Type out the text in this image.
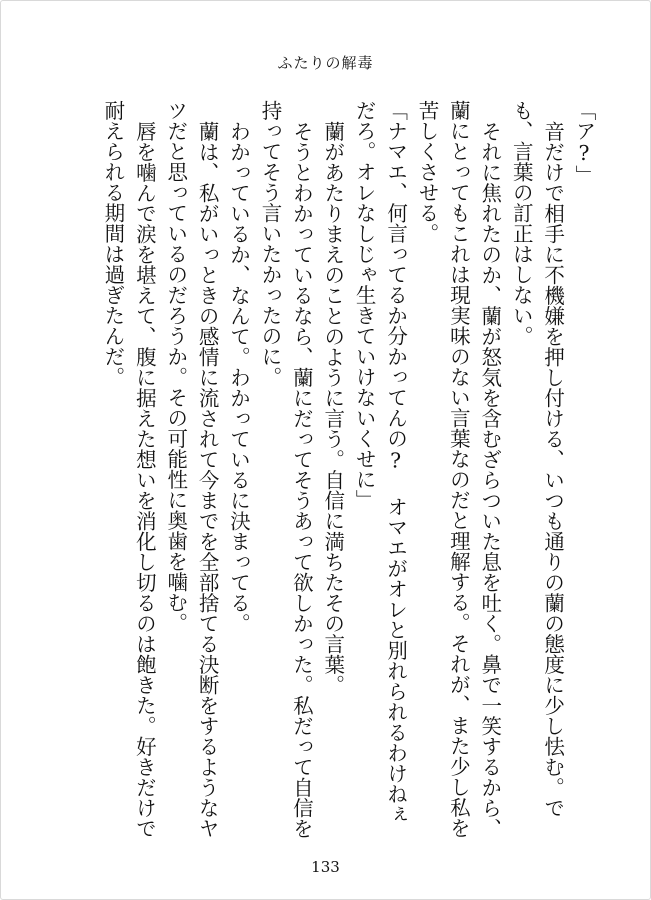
ふたりの解毒

「ア?」

音だけで相手に不機嫌を押し付ける、いつも通りの蘭の態度に少し怯む。でも、言葉の訂正はしない。

それに焦れたのか、蘭が怒気を含むざらついた息を吐く。鼻で一笑するから、蘭にとってもこれは現実味のない言葉なのだと理解する。それが、また少し私を苦しくさせる。

「ナマエ、何言ってるか分かってんの? オマエがオレと別れられるわけねぇだろ。オレなしじゃ生きていけないくせに」

蘭があたりまえのことのように言う。自信に満ちたその言葉。

そうとわかっているなら、蘭にだってそうあって欲しかった。私だって自信を持ってそう言いたかったのに。

わかっているか、なんて。わかっているに決まってる。

蘭は、私がいっときの感情に流されて今までを全部捨てる決断をするようなヤツだと思っているのだろうか。その可能性に奥歯を噛む。

唇を噛んで涙を堪えて、腹に据えた想いを消化し切るのは飽きた。好きだけで耐えられる期間は過ぎたんだ。

133
